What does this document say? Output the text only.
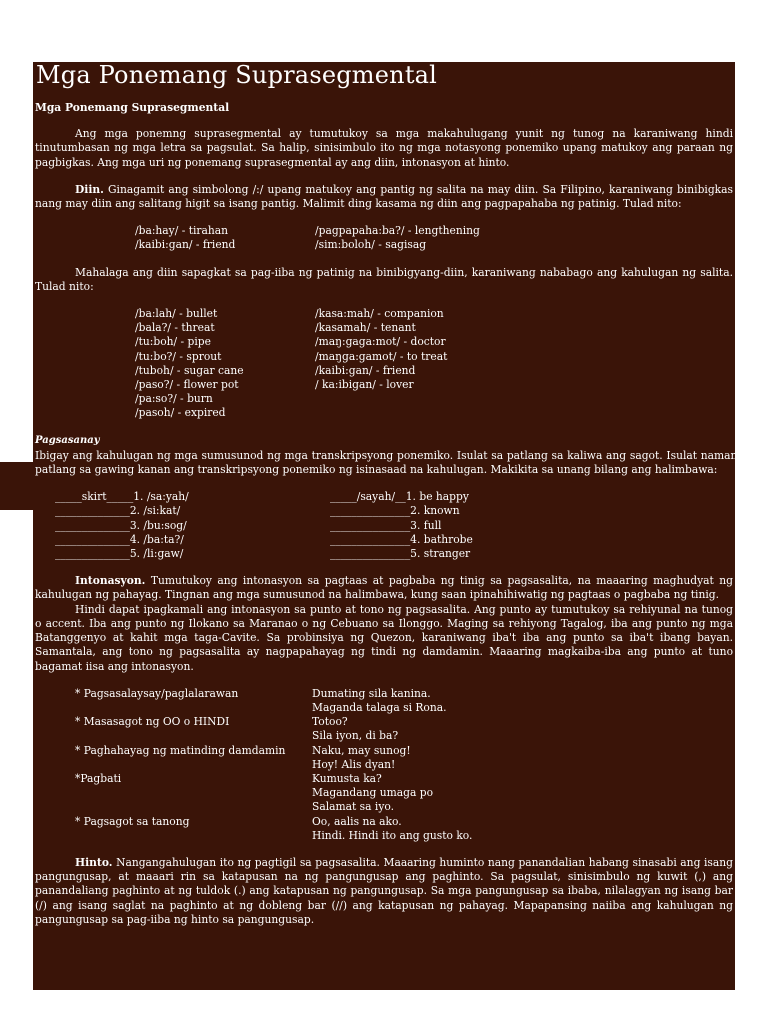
Mga Ponemang Suprasegmental
Mga Ponemang Suprasegmental

Ang mga ponemng suprasegmental ay tumutukoy sa mga makahulugang yunit ng tunog na karaniwang hindi tinutumbasan ng mga letra sa pagsulat. Sa halip, sinisimbulo ito ng mga notasyong ponemiko upang matukoy ang paraan ng pagbigkas. Ang mga uri ng ponemang suprasegmental ay ang diin, intonasyon at hinto.

Diin. Ginagamit ang simbolong /:/ upang matukoy ang pantig ng salita na may diin. Sa Filipino, karaniwang binibigkas nang may diin ang salitang higit sa isang pantig. Malimit ding kasama ng diin ang pagpapahaba ng patinig. Tulad nito:

/ba:hay/ - tirahan	/pagpapaha:ba?/ - lengthening
/kaibi:gan/ - friend	/sim:boloh/ - sagisag

Mahalaga ang diin sapagkat sa pag-iiba ng patinig na binibigyang-diin, karaniwang nababago ang kahulugan ng salita. Tulad nito:

/ba:lah/ - bullet	/kasa:mah/ - companion
/bala?/ - threat	/kasamah/ - tenant
/tu:boh/ - pipe	/maŋ:gaga:mot/ - doctor
/tu:bo?/ - sprout	/maŋga:gamot/ - to treat
/tuboh/ - sugar cane	/kaibi:gan/ - friend
/paso?/ - flower pot	/ ka:ibigan/ - lover
/pa:so?/ - burn
/pasoh/ - expired
Pagsasanay

Ibigay ang kahulugan ng mga sumusunod ng mga transkripsyong ponemiko. Isulat sa patlang sa kaliwa ang sagot. Isulat naman sa patlang sa gawing kanan ang transkripsyong ponemiko ng isinasaad na kahulugan. Makikita sa unang bilang ang halimbawa:

_____skirt_____1. /sa:yah/	_____/sayah/__1. be happy
______________2. /si:kat/	_______________2. known
______________3. /bu:sog/	_______________3. full
______________4. /ba:ta?/	_______________4. bathrobe
______________5. /li:gaw/	_______________5. stranger

Intonasyon. Tumutukoy ang intonasyon sa pagtaas at pagbaba ng tinig sa pagsasalita, na maaaring maghudyat ng kahulugan ng pahayag. Tingnan ang mga sumusunod na halimbawa, kung saan ipinahihiwatig ng pagtaas o pagbaba ng tinig.

Hindi dapat ipagkamali ang intonasyon sa punto at tono ng pagsasalita. Ang punto ay tumutukoy sa rehiyunal na tunog o accent. Iba ang punto ng Ilokano sa Maranao o ng Cebuano sa Ilonggo. Maging sa rehiyong Tagalog, iba ang punto ng mga Batanggenyo at kahit mga taga-Cavite. Sa probinsiya ng Quezon, karaniwang iba't iba ang punto sa iba't ibang bayan. Samantala, ang tono ng pagsasalita ay nagpapahayag ng tindi ng damdamin. Maaaring magkaiba-iba ang punto at tuno bagamat iisa ang intonasyon.

* Pagsasalaysay/paglalarawan	Dumating sila kanina.
Maganda talaga si Rona.
* Masasagot ng OO o HINDI	Totoo?
Sila iyon, di ba?
* Paghahayag ng matinding damdamin	Naku, may sunog!
Hoy! Alis dyan!
*Pagbati	Kumusta ka?
Magandang umaga po
Salamat sa iyo.
* Pagsagot sa tanong	Oo, aalis na ako.
Hindi. Hindi ito ang gusto ko.

Hinto. Nangangahulugan ito ng pagtigil sa pagsasalita. Maaaring huminto nang panandalian habang sinasabi ang isang pangungusap, at maaari rin sa katapusan na ng pangungusap ang paghinto. Sa pagsulat, sinisimbulo ng kuwit (,) ang panandaliang paghinto at ng tuldok (.) ang katapusan ng pangungusap. Sa mga pangungusap sa ibaba, nilalagyan ng isang bar (/) ang isang saglat na paghinto at ng dobleng bar (//) ang katapusan ng pahayag. Mapapansing naiiba ang kahulugan ng pangungusap sa pag-iiba ng hinto sa pangungusap.
